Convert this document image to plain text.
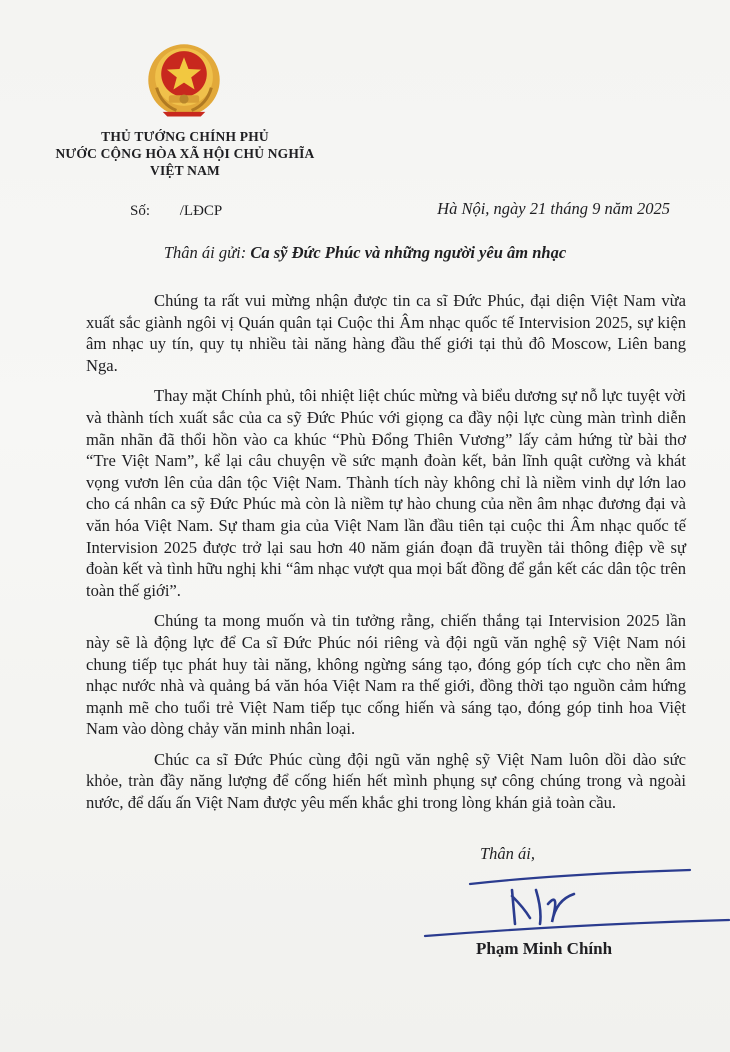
THỦ TƯỚNG CHÍNH PHỦ
NƯỚC CỘNG HÒA XÃ HỘI CHỦ NGHĨA
VIỆT NAM
Số: /LĐCP	Hà Nội, ngày 21 tháng 9 năm 2025
Thân ái gửi: Ca sỹ Đức Phúc và những người yêu âm nhạc

Chúng ta rất vui mừng nhận được tin ca sĩ Đức Phúc, đại diện Việt Nam vừa xuất sắc giành ngôi vị Quán quân tại Cuộc thi Âm nhạc quốc tế Intervision 2025, sự kiện âm nhạc uy tín, quy tụ nhiều tài năng hàng đầu thế giới tại thủ đô Moscow, Liên bang Nga.

Thay mặt Chính phủ, tôi nhiệt liệt chúc mừng và biểu dương sự nỗ lực tuyệt vời và thành tích xuất sắc của ca sỹ Đức Phúc với giọng ca đầy nội lực cùng màn trình diễn mãn nhãn đã thổi hồn vào ca khúc “Phù Đổng Thiên Vương” lấy cảm hứng từ bài thơ “Tre Việt Nam”, kể lại câu chuyện về sức mạnh đoàn kết, bản lĩnh quật cường và khát vọng vươn lên của dân tộc Việt Nam. Thành tích này không chỉ là niềm vinh dự lớn lao cho cá nhân ca sỹ Đức Phúc mà còn là niềm tự hào chung của nền âm nhạc đương đại và văn hóa Việt Nam. Sự tham gia của Việt Nam lần đầu tiên tại cuộc thi Âm nhạc quốc tế Intervision 2025 được trở lại sau hơn 40 năm gián đoạn đã truyền tải thông điệp về sự đoàn kết và tình hữu nghị khi “âm nhạc vượt qua mọi bất đồng để gắn kết các dân tộc trên toàn thế giới”.

Chúng ta mong muốn và tin tưởng rằng, chiến thắng tại Intervision 2025 lần này sẽ là động lực để Ca sĩ Đức Phúc nói riêng và đội ngũ văn nghệ sỹ Việt Nam nói chung tiếp tục phát huy tài năng, không ngừng sáng tạo, đóng góp tích cực cho nền âm nhạc nước nhà và quảng bá văn hóa Việt Nam ra thế giới, đồng thời tạo nguồn cảm hứng mạnh mẽ cho tuổi trẻ Việt Nam tiếp tục cống hiến và sáng tạo, đóng góp tinh hoa Việt Nam vào dòng chảy văn minh nhân loại.

Chúc ca sĩ Đức Phúc cùng đội ngũ văn nghệ sỹ Việt Nam luôn dồi dào sức khỏe, tràn đầy năng lượng để cống hiến hết mình phụng sự công chúng trong và ngoài nước, để dấu ấn Việt Nam được yêu mến khắc ghi trong lòng khán giả toàn cầu.

Thân ái,
Phạm Minh Chính
